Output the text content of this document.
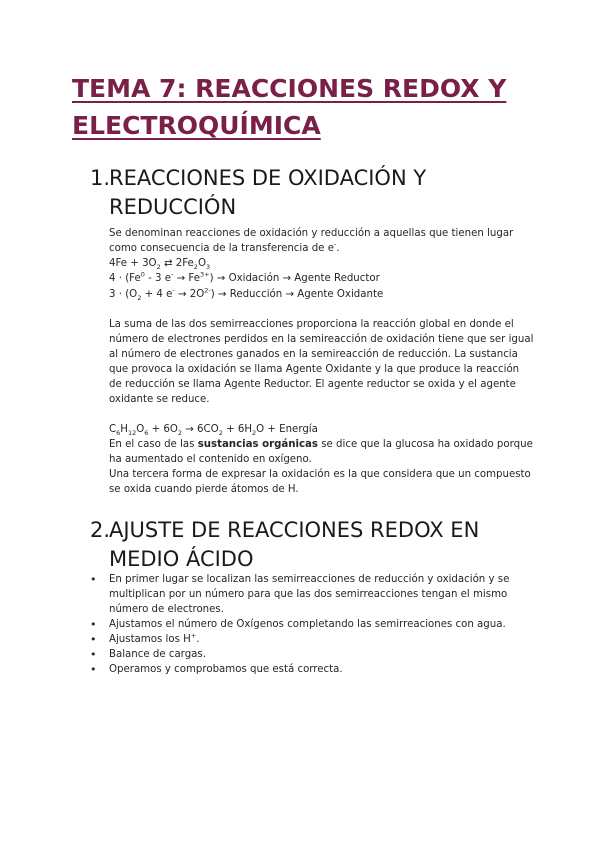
TEMA 7: REACCIONES REDOX Y ELECTROQUÍMICA
1.
REACCIONES DE OXIDACIÓN Y REDUCCIÓN

Se denominan reacciones de oxidación y reducción a aquellas que tienen lugar como consecuencia de la transferencia de e-.

$4Fe + 3O_2$ ⇄ $2Fe_2O_3$

$4 \cdot (Fe^0 - 3$ $e^- \to Fe^{3+}$) → Oxidación → Agente Reductor

$3 \cdot (O_2 + 4$ $e^- \to 2O^{2-}$) → Reducción → Agente Oxidante

La suma de las dos semirreacciones proporciona la reacción global en donde el número de electrones perdidos en la semireacción de oxidación tiene que ser igual al número de electrones ganados en la semireacción de reducción. La sustancia que provoca la oxidación se llama Agente Oxidante y la que produce la reacción de reducción se llama Agente Reductor. El agente reductor se oxida y el agente oxidante se reduce.

$C_6H_{12}O_6 + 6O_2 \to 6CO_2 + 6H_2O$ + Energía

En el caso de las sustancias orgánicas se dice que la glucosa ha oxidado porque ha aumentado el contenido en oxígeno.

Una tercera forma de expresar la oxidación es la que considera que un compuesto se oxida cuando pierde átomos de H.

2.
AJUSTE DE REACCIONES REDOX EN MEDIO ÁCIDO
• En primer lugar se localizan las semirreacciones de reducción y oxidación y se multiplican por un número para que las dos semirreacciones tengan el mismo número de electrones.
• Ajustamos el número de Oxígenos completando las semirreaciones con agua.
• Ajustamos los H+.
• Balance de cargas.
• Operamos y comprobamos que está correcta.
